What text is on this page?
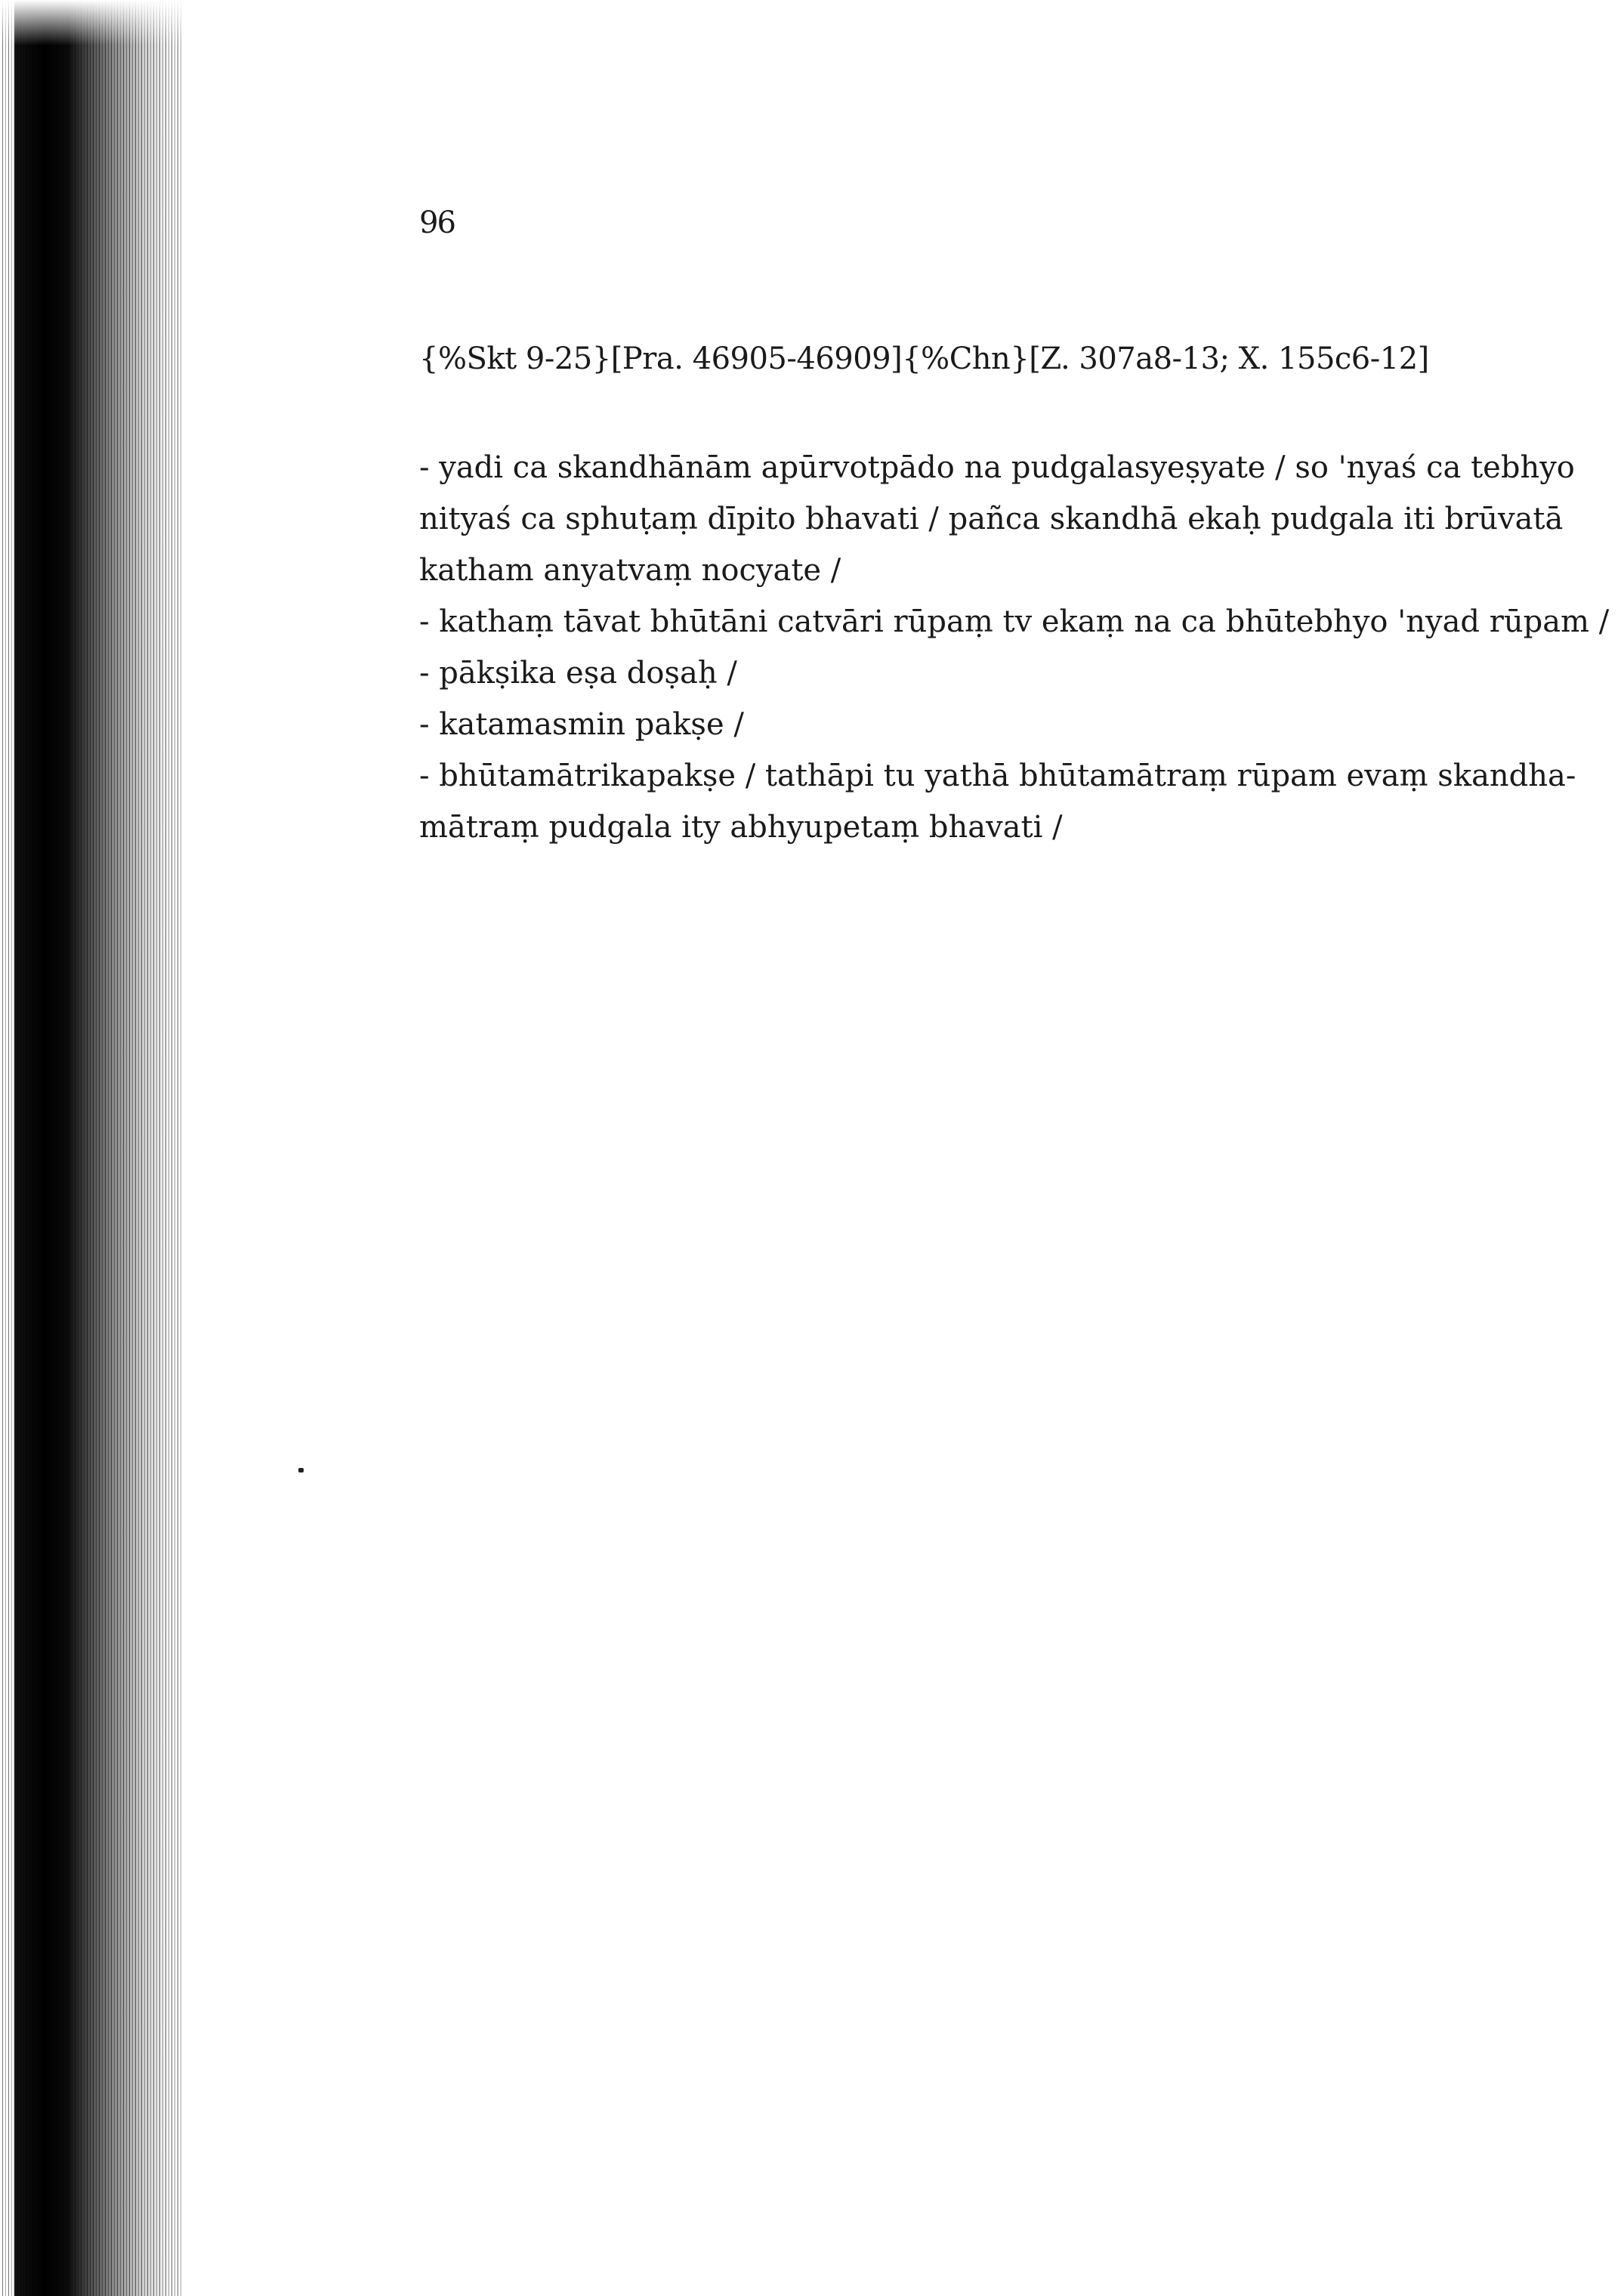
96
{%Skt 9-25}[Pra. 46905-46909]{%Chn}[Z. 307a8-13; X. 155c6-12]
- yadi ca skandhānām apūrvotpādo na pudgalasyeṣyate / so 'nyaś ca tebhyo
nityaś ca sphuṭaṃ dīpito bhavati / pañca skandhā ekaḥ pudgala iti brūvatā
katham anyatvaṃ nocyate /
- kathaṃ tāvat bhūtāni catvāri rūpaṃ tv ekaṃ na ca bhūtebhyo 'nyad rūpam /
- pākṣika eṣa doṣaḥ /
- katamasmin pakṣe /
- bhūtamātrikapakṣe / tathāpi tu yathā bhūtamātraṃ rūpam evaṃ skandha-
mātraṃ pudgala ity abhyupetaṃ bhavati /
